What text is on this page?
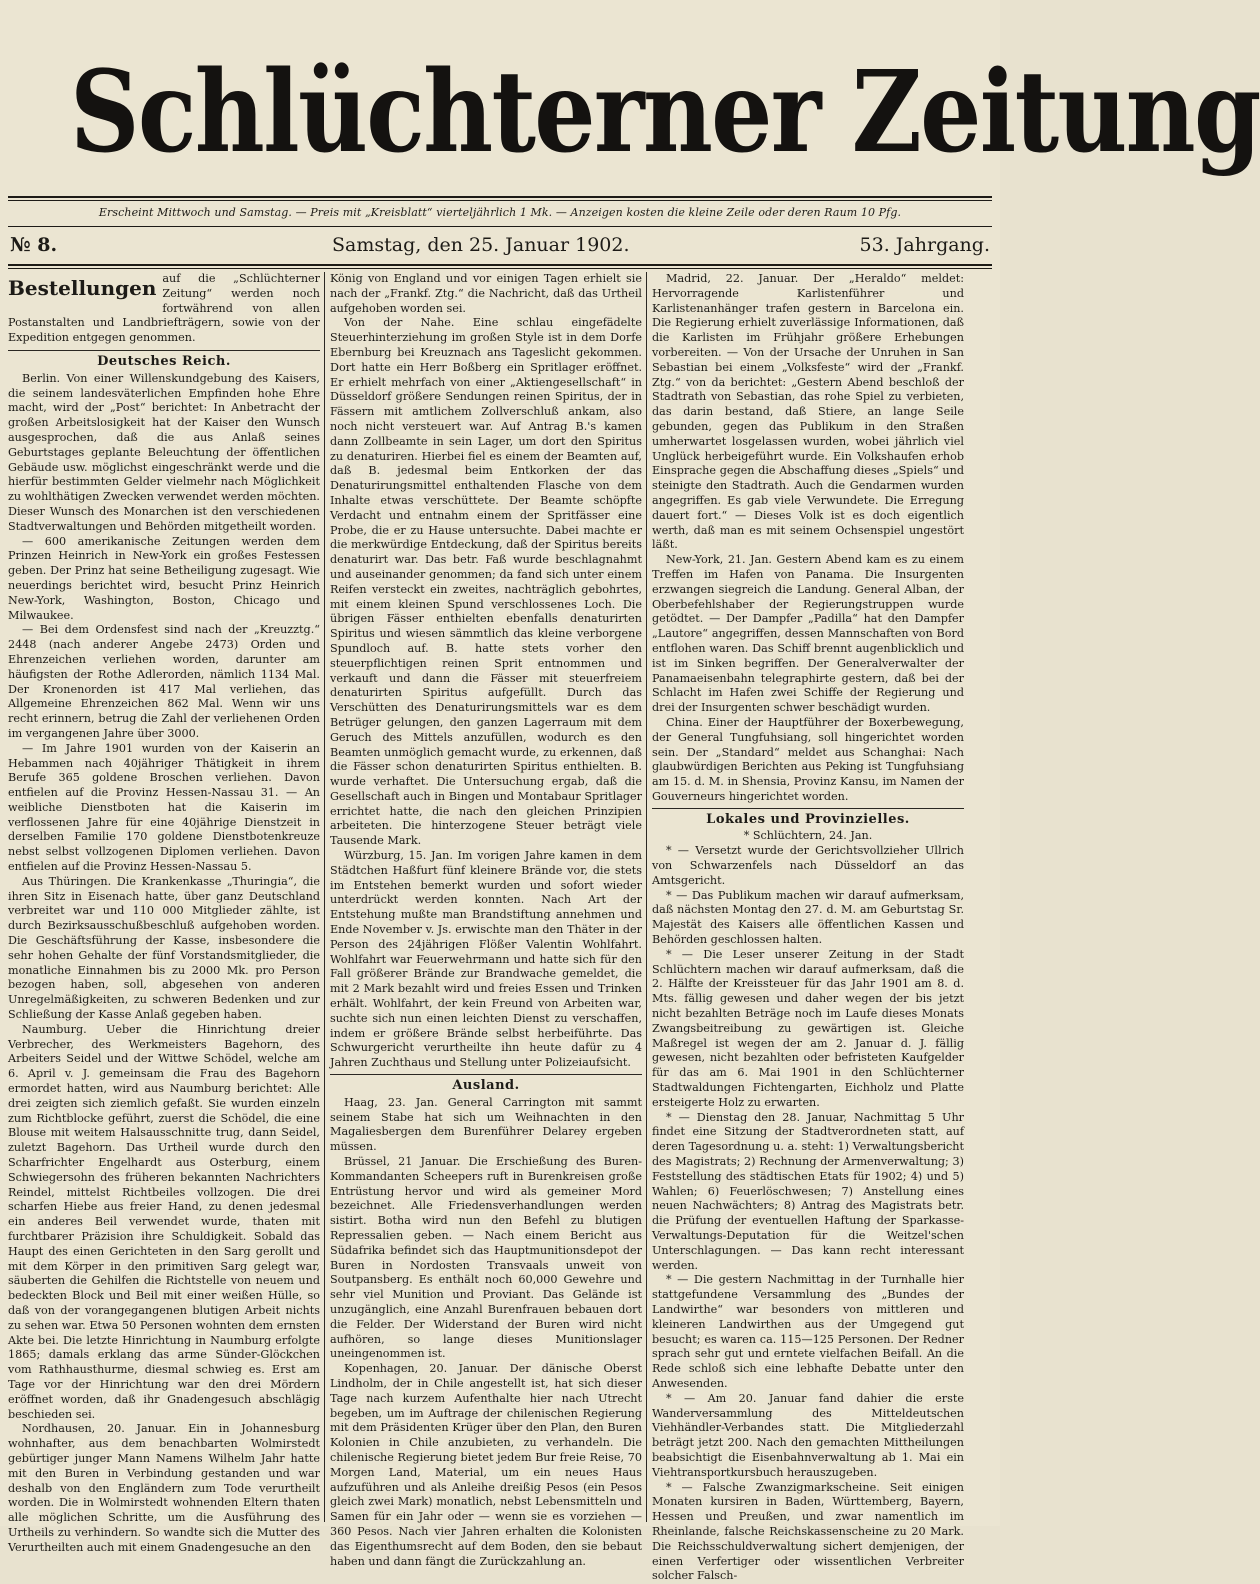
Schlüchterner Zeitung
Erscheint Mittwoch und Samstag. — Preis mit „Kreisblatt“ vierteljährlich 1 Mk. — Anzeigen kosten die kleine Zeile oder deren Raum 10 Pfg.
№ 8.	Samstag, den 25. Januar 1902.	53. Jahrgang.
Bestellungen auf die „Schlüchterner Zeitung“ werden noch fortwährend von allen Postanstalten und Landbriefträgern, sowie von der Expedition entgegen genommen.
Deutsches Reich.

Berlin. Von einer Willenskundgebung des Kaisers, die seinem landesväterlichen Empfinden hohe Ehre macht, wird der „Post“ berichtet: In Anbetracht der großen Arbeitslosigkeit hat der Kaiser den Wunsch ausgesprochen, daß die aus Anlaß seines Geburtstages geplante Beleuchtung der öffentlichen Gebäude usw. möglichst eingeschränkt werde und die hierfür bestimmten Gelder vielmehr nach Möglichkeit zu wohlthätigen Zwecken verwendet werden möchten. Dieser Wunsch des Monarchen ist den verschiedenen Stadtverwaltungen und Behörden mitgetheilt worden.

— 600 amerikanische Zeitungen werden dem Prinzen Heinrich in New-York ein großes Festessen geben. Der Prinz hat seine Betheiligung zugesagt. Wie neuerdings berichtet wird, besucht Prinz Heinrich New-York, Washington, Boston, Chicago und Milwaukee.

— Bei dem Ordensfest sind nach der „Kreuzztg.“ 2448 (nach anderer Angebe 2473) Orden und Ehrenzeichen verliehen worden, darunter am häufigsten der Rothe Adlerorden, nämlich 1134 Mal. Der Kronenorden ist 417 Mal verliehen, das Allgemeine Ehrenzeichen 862 Mal. Wenn wir uns recht erinnern, betrug die Zahl der verliehenen Orden im vergangenen Jahre über 3000.

— Im Jahre 1901 wurden von der Kaiserin an Hebammen nach 40jähriger Thätigkeit in ihrem Berufe 365 goldene Broschen verliehen. Davon entfielen auf die Provinz Hessen-Nassau 31. — An weibliche Dienstboten hat die Kaiserin im verflossenen Jahre für eine 40jährige Dienstzeit in derselben Familie 170 goldene Dienstbotenkreuze nebst selbst vollzogenen Diplomen verliehen. Davon entfielen auf die Provinz Hessen-Nassau 5.

Aus Thüringen. Die Krankenkasse „Thuringia“, die ihren Sitz in Eisenach hatte, über ganz Deutschland verbreitet war und 110 000 Mitglieder zählte, ist durch Bezirksausschußbeschluß aufgehoben worden. Die Geschäftsführung der Kasse, insbesondere die sehr hohen Gehalte der fünf Vorstandsmitglieder, die monatliche Einnahmen bis zu 2000 Mk. pro Person bezogen haben, soll, abgesehen von anderen Unregelmäßigkeiten, zu schweren Bedenken und zur Schließung der Kasse Anlaß gegeben haben.

Naumburg. Ueber die Hinrichtung dreier Verbrecher, des Werkmeisters Bagehorn, des Arbeiters Seidel und der Wittwe Schödel, welche am 6. April v. J. gemeinsam die Frau des Bagehorn ermordet hatten, wird aus Naumburg berichtet: Alle drei zeigten sich ziemlich gefaßt. Sie wurden einzeln zum Richtblocke geführt, zuerst die Schödel, die eine Blouse mit weitem Halsausschnitte trug, dann Seidel, zuletzt Bagehorn. Das Urtheil wurde durch den Scharfrichter Engelhardt aus Osterburg, einem Schwiegersohn des früheren bekannten Nachrichters Reindel, mittelst Richtbeiles vollzogen. Die drei scharfen Hiebe aus freier Hand, zu denen jedesmal ein anderes Beil verwendet wurde, thaten mit furchtbarer Präzision ihre Schuldigkeit. Sobald das Haupt des einen Gerichteten in den Sarg gerollt und mit dem Körper in den primitiven Sarg gelegt war, säuberten die Gehilfen die Richtstelle von neuem und bedeckten Block und Beil mit einer weißen Hülle, so daß von der vorangegangenen blutigen Arbeit nichts zu sehen war. Etwa 50 Personen wohnten dem ernsten Akte bei. Die letzte Hinrichtung in Naumburg erfolgte 1865; damals erklang das arme Sünder-Glöckchen vom Rathhausthurme, diesmal schwieg es. Erst am Tage vor der Hinrichtung war den drei Mördern eröffnet worden, daß ihr Gnadengesuch abschlägig beschieden sei.

Nordhausen, 20. Januar. Ein in Johannesburg wohnhafter, aus dem benachbarten Wolmirstedt gebürtiger junger Mann Namens Wilhelm Jahr hatte mit den Buren in Verbindung gestanden und war deshalb von den Engländern zum Tode verurtheilt worden. Die in Wolmirstedt wohnenden Eltern thaten alle möglichen Schritte, um die Ausführung des Urtheils zu verhindern. So wandte sich die Mutter des Verurtheilten auch mit einem Gnadengesuche an den

König von England und vor einigen Tagen erhielt sie nach der „Frankf. Ztg.“ die Nachricht, daß das Urtheil aufgehoben worden sei.

Von der Nahe. Eine schlau eingefädelte Steuerhinterziehung im großen Style ist in dem Dorfe Ebernburg bei Kreuznach ans Tageslicht gekommen. Dort hatte ein Herr Boßberg ein Spritlager eröffnet. Er erhielt mehrfach von einer „Aktiengesellschaft“ in Düsseldorf größere Sendungen reinen Spiritus, der in Fässern mit amtlichem Zollverschluß ankam, also noch nicht versteuert war. Auf Antrag B.'s kamen dann Zollbeamte in sein Lager, um dort den Spiritus zu denaturiren. Hierbei fiel es einem der Beamten auf, daß B. jedesmal beim Entkorken der das Denaturirungsmittel enthaltenden Flasche von dem Inhalte etwas verschüttete. Der Beamte schöpfte Verdacht und entnahm einem der Spritfässer eine Probe, die er zu Hause untersuchte. Dabei machte er die merkwürdige Entdeckung, daß der Spiritus bereits denaturirt war. Das betr. Faß wurde beschlagnahmt und auseinander genommen; da fand sich unter einem Reifen versteckt ein zweites, nachträglich gebohrtes, mit einem kleinen Spund verschlossenes Loch. Die übrigen Fässer enthielten ebenfalls denaturirten Spiritus und wiesen sämmtlich das kleine verborgene Spundloch auf. B. hatte stets vorher den steuerpflichtigen reinen Sprit entnommen und verkauft und dann die Fässer mit steuerfreiem denaturirten Spiritus aufgefüllt. Durch das Verschütten des Denaturirungsmittels war es dem Betrüger gelungen, den ganzen Lagerraum mit dem Geruch des Mittels anzufüllen, wodurch es den Beamten unmöglich gemacht wurde, zu erkennen, daß die Fässer schon denaturirten Spiritus enthielten. B. wurde verhaftet. Die Untersuchung ergab, daß die Gesellschaft auch in Bingen und Montabaur Spritlager errichtet hatte, die nach den gleichen Prinzipien arbeiteten. Die hinterzogene Steuer beträgt viele Tausende Mark.

Würzburg, 15. Jan. Im vorigen Jahre kamen in dem Städtchen Haßfurt fünf kleinere Brände vor, die stets im Entstehen bemerkt wurden und sofort wieder unterdrückt werden konnten. Nach Art der Entstehung mußte man Brandstiftung annehmen und Ende November v. Js. erwischte man den Thäter in der Person des 24jährigen Flößer Valentin Wohlfahrt. Wohlfahrt war Feuerwehrmann und hatte sich für den Fall größerer Brände zur Brandwache gemeldet, die mit 2 Mark bezahlt wird und freies Essen und Trinken erhält. Wohlfahrt, der kein Freund von Arbeiten war, suchte sich nun einen leichten Dienst zu verschaffen, indem er größere Brände selbst herbeiführte. Das Schwurgericht verurtheilte ihn heute dafür zu 4 Jahren Zuchthaus und Stellung unter Polizeiaufsicht.

Ausland.

Haag, 23. Jan. General Carrington mit sammt seinem Stabe hat sich um Weihnachten in den Magaliesbergen dem Burenführer Delarey ergeben müssen.

Brüssel, 21 Januar. Die Erschießung des Buren-Kommandanten Scheepers ruft in Burenkreisen große Entrüstung hervor und wird als gemeiner Mord bezeichnet. Alle Friedensverhandlungen werden sistirt. Botha wird nun den Befehl zu blutigen Repressalien geben. — Nach einem Bericht aus Südafrika befindet sich das Hauptmunitionsdepot der Buren in Nordosten Transvaals unweit von Soutpansberg. Es enthält noch 60,000 Gewehre und sehr viel Munition und Proviant. Das Gelände ist unzugänglich, eine Anzahl Burenfrauen bebauen dort die Felder. Der Widerstand der Buren wird nicht aufhören, so lange dieses Munitionslager uneingenommen ist.

Kopenhagen, 20. Januar. Der dänische Oberst Lindholm, der in Chile angestellt ist, hat sich dieser Tage nach kurzem Aufenthalte hier nach Utrecht begeben, um im Auftrage der chilenischen Regierung mit dem Präsidenten Krüger über den Plan, den Buren Kolonien in Chile anzubieten, zu verhandeln. Die chilenische Regierung bietet jedem Bur freie Reise, 70 Morgen Land, Material, um ein neues Haus aufzuführen und als Anleihe dreißig Pesos (ein Pesos gleich zwei Mark) monatlich, nebst Lebensmitteln und Samen für ein Jahr oder — wenn sie es vorziehen — 360 Pesos. Nach vier Jahren erhalten die Kolonisten das Eigenthumsrecht auf dem Boden, den sie bebaut haben und dann fängt die Zurückzahlung an.

Madrid, 22. Januar. Der „Heraldo“ meldet: Hervorragende Karlistenführer und Karlistenanhänger trafen gestern in Barcelona ein. Die Regierung erhielt zuverlässige Informationen, daß die Karlisten im Frühjahr größere Erhebungen vorbereiten. — Von der Ursache der Unruhen in San Sebastian bei einem „Volksfeste“ wird der „Frankf. Ztg.“ von da berichtet: „Gestern Abend beschloß der Stadtrath von Sebastian, das rohe Spiel zu verbieten, das darin bestand, daß Stiere, an lange Seile gebunden, gegen das Publikum in den Straßen umherwartet losgelassen wurden, wobei jährlich viel Unglück herbeigeführt wurde. Ein Volkshaufen erhob Einsprache gegen die Abschaffung dieses „Spiels“ und steinigte den Stadtrath. Auch die Gendarmen wurden angegriffen. Es gab viele Verwundete. Die Erregung dauert fort.“ — Dieses Volk ist es doch eigentlich werth, daß man es mit seinem Ochsenspiel ungestört läßt.

New-York, 21. Jan. Gestern Abend kam es zu einem Treffen im Hafen von Panama. Die Insurgenten erzwangen siegreich die Landung. General Alban, der Oberbefehlshaber der Regierungstruppen wurde getödtet. — Der Dampfer „Padilla“ hat den Dampfer „Lautore“ angegriffen, dessen Mannschaften von Bord entflohen waren. Das Schiff brennt augenblicklich und ist im Sinken begriffen. Der Generalverwalter der Panamaeisenbahn telegraphirte gestern, daß bei der Schlacht im Hafen zwei Schiffe der Regierung und drei der Insurgenten schwer beschädigt wurden.

China. Einer der Hauptführer der Boxerbewegung, der General Tungfuhsiang, soll hingerichtet worden sein. Der „Standard“ meldet aus Schanghai: Nach glaubwürdigen Berichten aus Peking ist Tungfuhsiang am 15. d. M. in Shensia, Provinz Kansu, im Namen der Gouverneurs hingerichtet worden.

Lokales und Provinzielles.
* Schlüchtern, 24. Jan.

* — Versetzt wurde der Gerichtsvollzieher Ullrich von Schwarzenfels nach Düsseldorf an das Amtsgericht.

* — Das Publikum machen wir darauf aufmerksam, daß nächsten Montag den 27. d. M. am Geburtstag Sr. Majestät des Kaisers alle öffentlichen Kassen und Behörden geschlossen halten.

* — Die Leser unserer Zeitung in der Stadt Schlüchtern machen wir darauf aufmerksam, daß die 2. Hälfte der Kreissteuer für das Jahr 1901 am 8. d. Mts. fällig gewesen und daher wegen der bis jetzt nicht bezahlten Beträge noch im Laufe dieses Monats Zwangsbeitreibung zu gewärtigen ist. Gleiche Maßregel ist wegen der am 2. Januar d. J. fällig gewesen, nicht bezahlten oder befristeten Kaufgelder für das am 6. Mai 1901 in den Schlüchterner Stadtwaldungen Fichtengarten, Eichholz und Platte ersteigerte Holz zu erwarten.

* — Dienstag den 28. Januar, Nachmittag 5 Uhr findet eine Sitzung der Stadtverordneten statt, auf deren Tagesordnung u. a. steht: 1) Verwaltungsbericht des Magistrats; 2) Rechnung der Armenverwaltung; 3) Feststellung des städtischen Etats für 1902; 4) und 5) Wahlen; 6) Feuerlöschwesen; 7) Anstellung eines neuen Nachwächters; 8) Antrag des Magistrats betr. die Prüfung der eventuellen Haftung der Sparkasse-Verwaltungs-Deputation für die Weitzel'schen Unterschlagungen. — Das kann recht interessant werden.

* — Die gestern Nachmittag in der Turnhalle hier stattgefundene Versammlung des „Bundes der Landwirthe“ war besonders von mittleren und kleineren Landwirthen aus der Umgegend gut besucht; es waren ca. 115—125 Personen. Der Redner sprach sehr gut und erntete vielfachen Beifall. An die Rede schloß sich eine lebhafte Debatte unter den Anwesenden.

* — Am 20. Januar fand dahier die erste Wanderversammlung des Mitteldeutschen Viehhändler-Verbandes statt. Die Mitgliederzahl beträgt jetzt 200. Nach den gemachten Mittheilungen beabsichtigt die Eisenbahnverwaltung ab 1. Mai ein Viehtransportkursbuch herauszugeben.

* — Falsche Zwanzigmarkscheine. Seit einigen Monaten kursiren in Baden, Württemberg, Bayern, Hessen und Preußen, und zwar namentlich im Rheinlande, falsche Reichskassenscheine zu 20 Mark. Die Reichsschuldverwaltung sichert demjenigen, der einen Verfertiger oder wissentlichen Verbreiter solcher Falsch-
